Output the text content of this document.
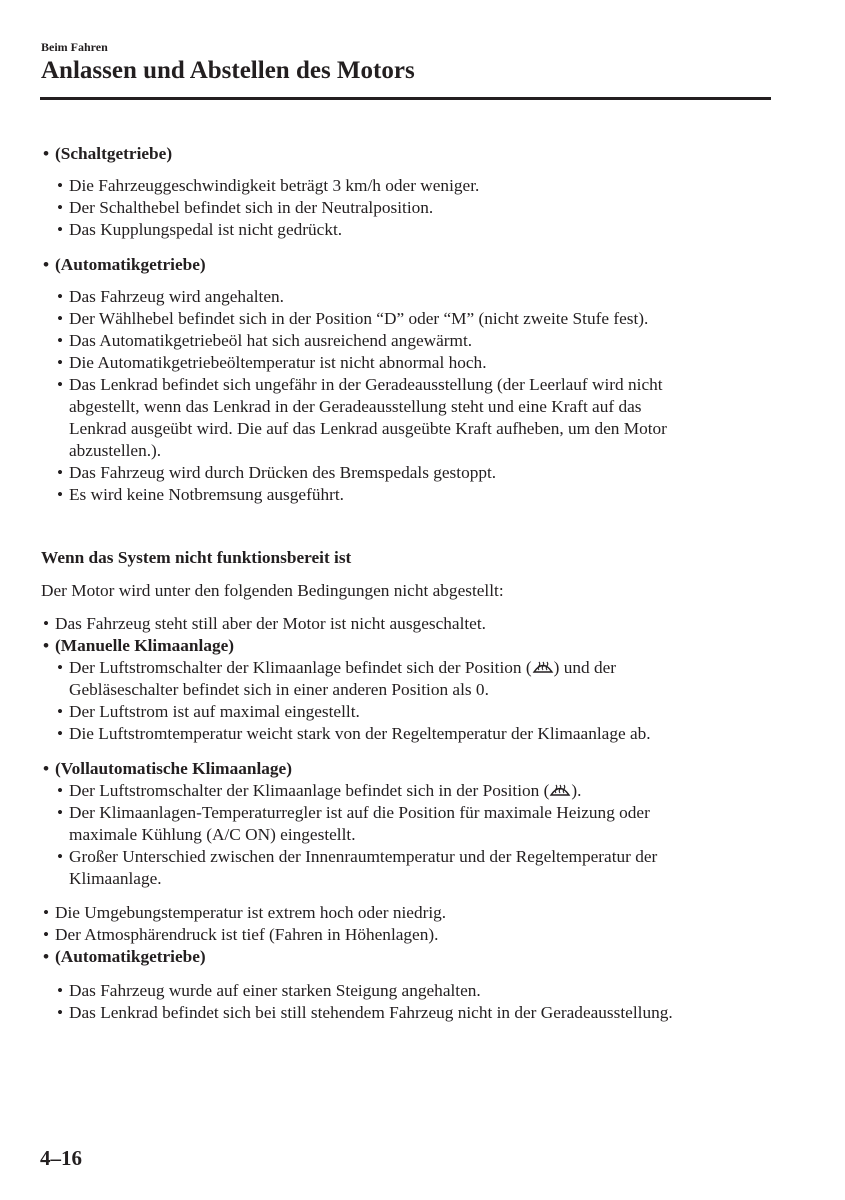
Beim Fahren
Anlassen und Abstellen des Motors
• (Schaltgetriebe)
• Die Fahrzeuggeschwindigkeit beträgt 3 km/h oder weniger.
• Der Schalthebel befindet sich in der Neutralposition.
• Das Kupplungspedal ist nicht gedrückt.
• (Automatikgetriebe)
• Das Fahrzeug wird angehalten.
• Der Wählhebel befindet sich in der Position “D” oder “M” (nicht zweite Stufe fest).
• Das Automatikgetriebeöl hat sich ausreichend angewärmt.
• Die Automatikgetriebeöltemperatur ist nicht abnormal hoch.
• Das Lenkrad befindet sich ungefähr in der Geradeausstellung (der Leerlauf wird nicht
abgestellt, wenn das Lenkrad in der Geradeausstellung steht und eine Kraft auf das
Lenkrad ausgeübt wird. Die auf das Lenkrad ausgeübte Kraft aufheben, um den Motor
abzustellen.).
• Das Fahrzeug wird durch Drücken des Bremspedals gestoppt.
• Es wird keine Notbremsung ausgeführt.
Wenn das System nicht funktionsbereit ist
Der Motor wird unter den folgenden Bedingungen nicht abgestellt:
• Das Fahrzeug steht still aber der Motor ist nicht ausgeschaltet.
• (Manuelle Klimaanlage)
• Der Luftstromschalter der Klimaanlage befindet sich der Position ( ) und der
Gebläseschalter befindet sich in einer anderen Position als 0.
• Der Luftstrom ist auf maximal eingestellt.
• Die Luftstromtemperatur weicht stark von der Regeltemperatur der Klimaanlage ab.
• (Vollautomatische Klimaanlage)
• Der Luftstromschalter der Klimaanlage befindet sich in der Position ( ).
• Der Klimaanlagen-Temperaturregler ist auf die Position für maximale Heizung oder
maximale Kühlung (A/C ON) eingestellt.
• Großer Unterschied zwischen der Innenraumtemperatur und der Regeltemperatur der
Klimaanlage.
• Die Umgebungstemperatur ist extrem hoch oder niedrig.
• Der Atmosphärendruck ist tief (Fahren in Höhenlagen).
• (Automatikgetriebe)
• Das Fahrzeug wurde auf einer starken Steigung angehalten.
• Das Lenkrad befindet sich bei still stehendem Fahrzeug nicht in der Geradeausstellung.
4–16
